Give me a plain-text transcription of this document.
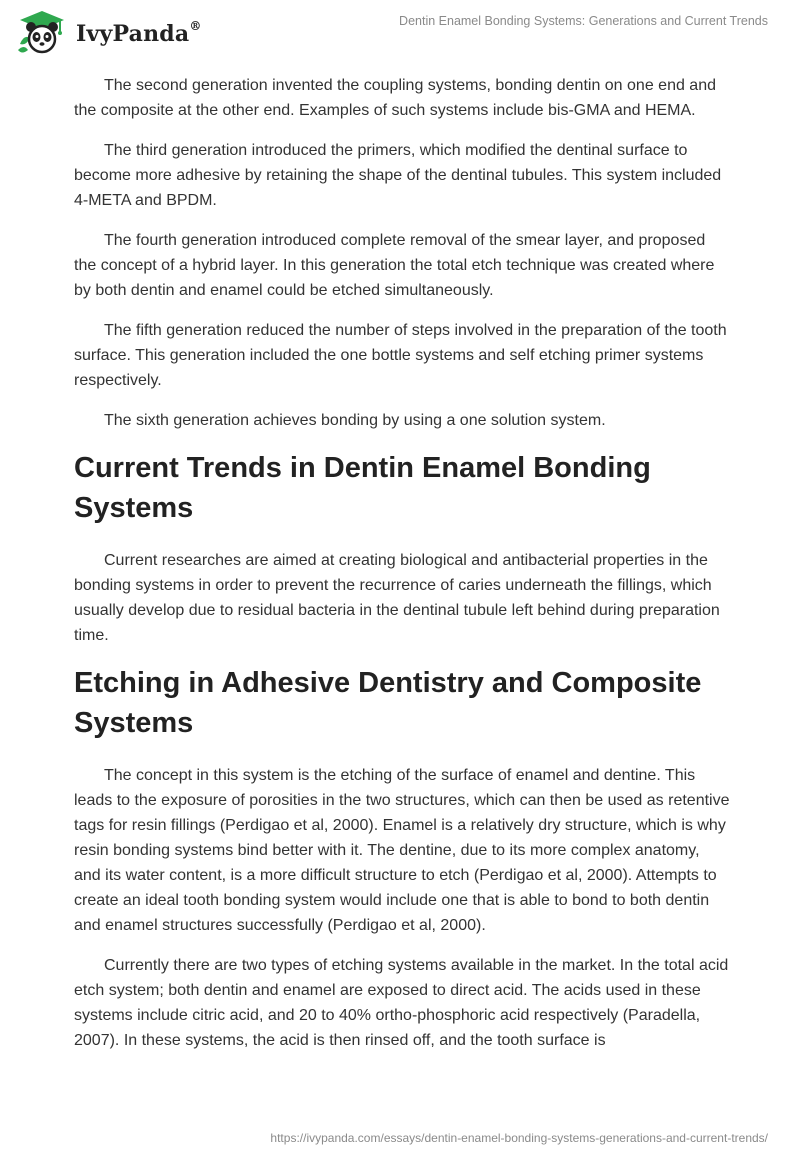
IvyPanda®	Dentin Enamel Bonding Systems: Generations and Current Trends

The second generation invented the coupling systems, bonding dentin on one end and the composite at the other end. Examples of such systems include bis-GMA and HEMA.

The third generation introduced the primers, which modified the dentinal surface to become more adhesive by retaining the shape of the dentinal tubules. This system included 4-META and BPDM.

The fourth generation introduced complete removal of the smear layer, and proposed the concept of a hybrid layer. In this generation the total etch technique was created where by both dentin and enamel could be etched simultaneously.

The fifth generation reduced the number of steps involved in the preparation of the tooth surface. This generation included the one bottle systems and self etching primer systems respectively.

The sixth generation achieves bonding by using a one solution system.

Current Trends in Dentin Enamel Bonding Systems

Current researches are aimed at creating biological and antibacterial properties in the bonding systems in order to prevent the recurrence of caries underneath the fillings, which usually develop due to residual bacteria in the dentinal tubule left behind during preparation time.

Etching in Adhesive Dentistry and Composite Systems

The concept in this system is the etching of the surface of enamel and dentine. This leads to the exposure of porosities in the two structures, which can then be used as retentive tags for resin fillings (Perdigao et al, 2000). Enamel is a relatively dry structure, which is why resin bonding systems bind better with it. The dentine, due to its more complex anatomy, and its water content, is a more difficult structure to etch (Perdigao et al, 2000). Attempts to create an ideal tooth bonding system would include one that is able to bond to both dentin and enamel structures successfully (Perdigao et al, 2000).

Currently there are two types of etching systems available in the market. In the total acid etch system; both dentin and enamel are exposed to direct acid. The acids used in these systems include citric acid, and 20 to 40% ortho-phosphoric acid respectively (Paradella, 2007). In these systems, the acid is then rinsed off, and the tooth surface is

https://ivypanda.com/essays/dentin-enamel-bonding-systems-generations-and-current-trends/
